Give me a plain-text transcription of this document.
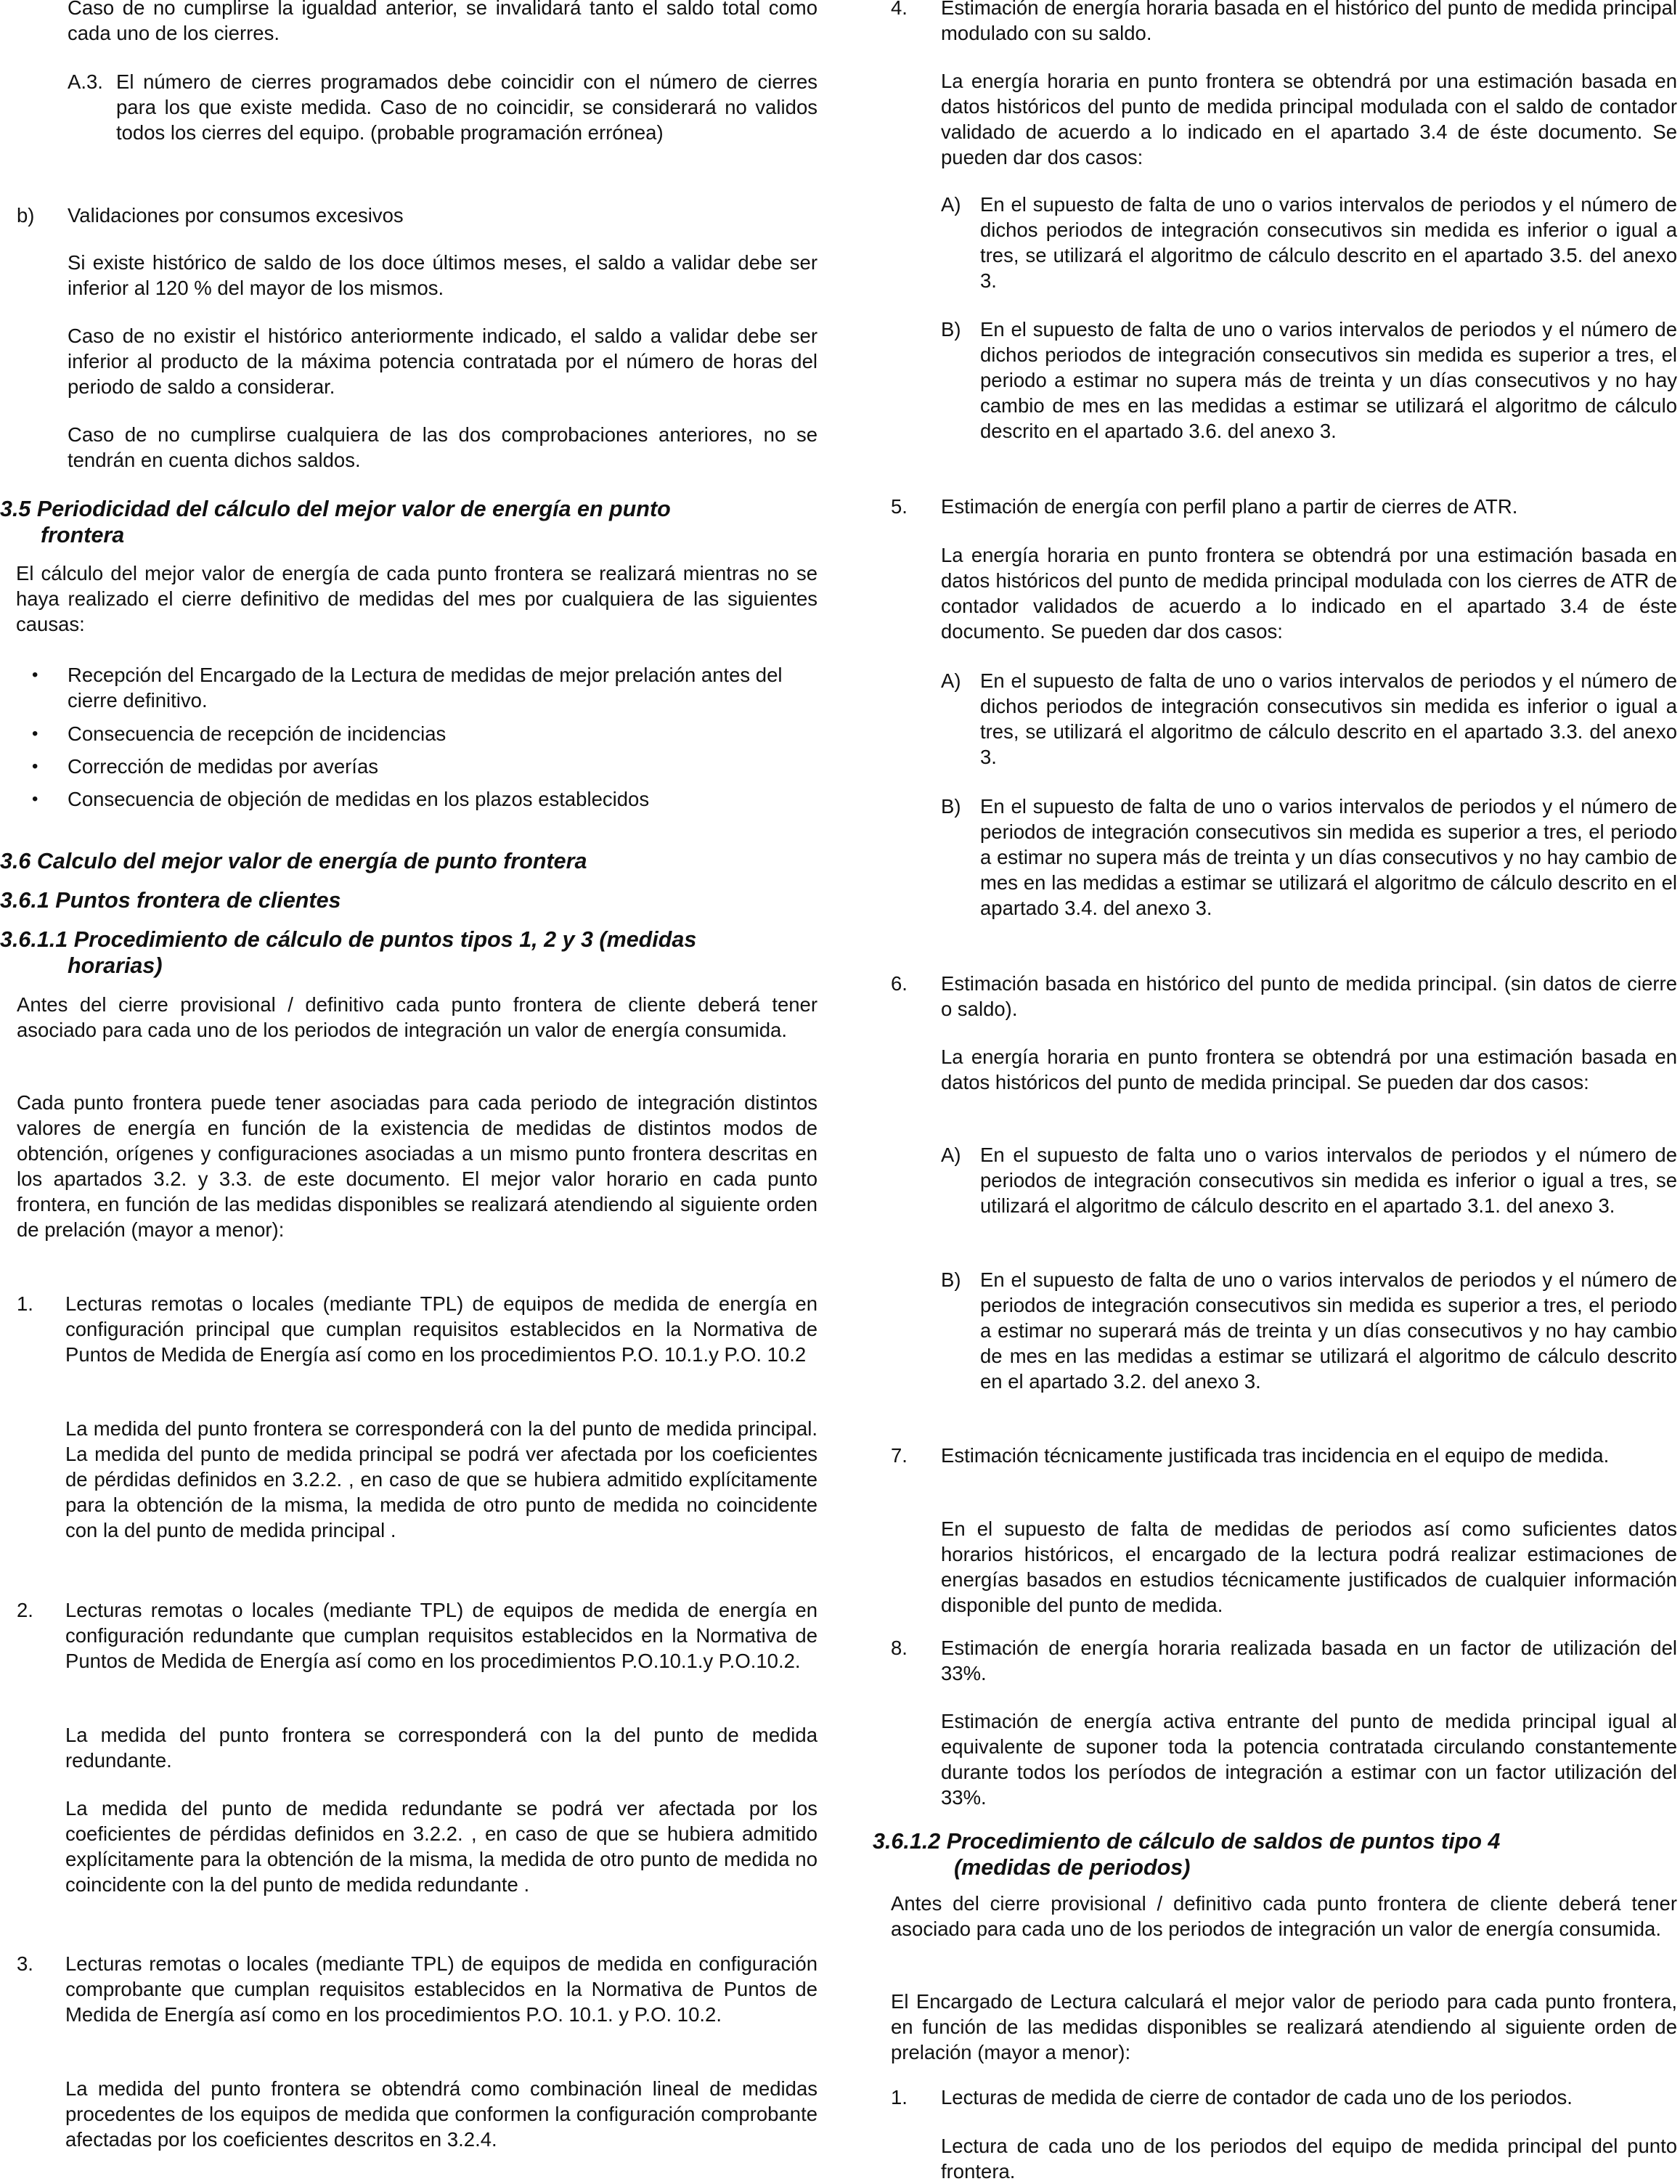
Caso de no cumplirse la igualdad anterior, se invalidará tanto el saldo total como cada uno de los cierres.

A.3. El número de cierres programados debe coincidir con el número de cierres para los que existe medida. Caso de no coincidir, se considerará no validos todos los cierres del equipo. (probable programación errónea)

b) Validaciones por consumos excesivos

Si existe histórico de saldo de los doce últimos meses, el saldo a validar debe ser inferior al 120 % del mayor de los mismos.

Caso de no existir el histórico anteriormente indicado, el saldo a validar debe ser inferior al producto de la máxima potencia contratada por el número de horas del periodo de saldo a considerar.

Caso de no cumplirse cualquiera de las dos comprobaciones anteriores, no se tendrán en cuenta dichos saldos.

3.5 Periodicidad del cálculo del mejor valor de energía en punto
frontera

El cálculo del mejor valor de energía de cada punto frontera se realizará mientras no se haya realizado el cierre definitivo de medidas del mes por cualquiera de las siguientes causas:

• Recepción del Encargado de la Lectura de medidas de mejor prelación antes del cierre definitivo.

• Consecuencia de recepción de incidencias

• Corrección de medidas por averías

• Consecuencia de objeción de medidas en los plazos establecidos

3.6 Calculo del mejor valor de energía de punto frontera
3.6.1 Puntos frontera de clientes
3.6.1.1 Procedimiento de cálculo de puntos tipos 1, 2 y 3 (medidas
horarias)

Antes del cierre provisional / definitivo cada punto frontera de cliente deberá tener asociado para cada uno de los periodos de integración un valor de energía consumida.

Cada punto frontera puede tener asociadas para cada periodo de integración distintos valores de energía en función de la existencia de medidas de distintos modos de obtención, orígenes y configuraciones asociadas a un mismo punto frontera descritas en los apartados 3.2. y 3.3. de este documento. El mejor valor horario en cada punto frontera, en función de las medidas disponibles se realizará atendiendo al siguiente orden de prelación (mayor a menor):

1. Lecturas remotas o locales (mediante TPL) de equipos de medida de energía en configuración principal que cumplan requisitos establecidos en la Normativa de Puntos de Medida de Energía así como en los procedimientos P.O. 10.1.y P.O. 10.2

La medida del punto frontera se corresponderá con la del punto de medida principal. La medida del punto de medida principal se podrá ver afectada por los coeficientes de pérdidas definidos en 3.2.2. , en caso de que se hubiera admitido explícitamente para la obtención de la misma, la medida de otro punto de medida no coincidente con la del punto de medida principal .

2. Lecturas remotas o locales (mediante TPL) de equipos de medida de energía en configuración redundante que cumplan requisitos establecidos en la Normativa de Puntos de Medida de Energía así como en los procedimientos P.O.10.1.y P.O.10.2.

La medida del punto frontera se corresponderá con la del punto de medida redundante.

La medida del punto de medida redundante se podrá ver afectada por los coeficientes de pérdidas definidos en 3.2.2. , en caso de que se hubiera admitido explícitamente para la obtención de la misma, la medida de otro punto de medida no coincidente con la del punto de medida redundante .

3. Lecturas remotas o locales (mediante TPL) de equipos de medida en configuración comprobante que cumplan requisitos establecidos en la Normativa de Puntos de Medida de Energía así como en los procedimientos P.O. 10.1. y P.O. 10.2.

La medida del punto frontera se obtendrá como combinación lineal de medidas procedentes de los equipos de medida que conformen la configuración comprobante afectadas por los coeficientes descritos en 3.2.4.

4. Estimación de energía horaria basada en el histórico del punto de medida principal modulado con su saldo.

La energía horaria en punto frontera se obtendrá por una estimación basada en datos históricos del punto de medida principal modulada con el saldo de contador validado de acuerdo a lo indicado en el apartado 3.4 de éste documento. Se pueden dar dos casos:

A) En el supuesto de falta de uno o varios intervalos de periodos y el número de dichos periodos de integración consecutivos sin medida es inferior o igual a tres, se utilizará el algoritmo de cálculo descrito en el apartado 3.5. del anexo 3.

B) En el supuesto de falta de uno o varios intervalos de periodos y el número de dichos periodos de integración consecutivos sin medida es superior a tres, el periodo a estimar no supera más de treinta y un días consecutivos y no hay cambio de mes en las medidas a estimar se utilizará el algoritmo de cálculo descrito en el apartado 3.6. del anexo 3.

5. Estimación de energía con perfil plano a partir de cierres de ATR.

La energía horaria en punto frontera se obtendrá por una estimación basada en datos históricos del punto de medida principal modulada con los cierres de ATR de contador validados de acuerdo a lo indicado en el apartado 3.4 de éste documento. Se pueden dar dos casos:

A) En el supuesto de falta de uno o varios intervalos de periodos y el número de dichos periodos de integración consecutivos sin medida es inferior o igual a tres, se utilizará el algoritmo de cálculo descrito en el apartado 3.3. del anexo 3.

B) En el supuesto de falta de uno o varios intervalos de periodos y el número de periodos de integración consecutivos sin medida es superior a tres, el periodo a estimar no supera más de treinta y un días consecutivos y no hay cambio de mes en las medidas a estimar se utilizará el algoritmo de cálculo descrito en el apartado 3.4. del anexo 3.

6. Estimación basada en histórico del punto de medida principal. (sin datos de cierre o saldo).

La energía horaria en punto frontera se obtendrá por una estimación basada en datos históricos del punto de medida principal. Se pueden dar dos casos:

A) En el supuesto de falta uno o varios intervalos de periodos y el número de periodos de integración consecutivos sin medida es inferior o igual a tres, se utilizará el algoritmo de cálculo descrito en el apartado 3.1. del anexo 3.

B) En el supuesto de falta de uno o varios intervalos de periodos y el número de periodos de integración consecutivos sin medida es superior a tres, el periodo a estimar no superará más de treinta y un días consecutivos y no hay cambio de mes en las medidas a estimar se utilizará el algoritmo de cálculo descrito en el apartado 3.2. del anexo 3.

7. Estimación técnicamente justificada tras incidencia en el equipo de medida.

En el supuesto de falta de medidas de periodos así como suficientes datos horarios históricos, el encargado de la lectura podrá realizar estimaciones de energías basados en estudios técnicamente justificados de cualquier información disponible del punto de medida.

8. Estimación de energía horaria realizada basada en un factor de utilización del 33%.

Estimación de energía activa entrante del punto de medida principal igual al equivalente de suponer toda la potencia contratada circulando constantemente durante todos los períodos de integración a estimar con un factor utilización del 33%.

3.6.1.2 Procedimiento de cálculo de saldos de puntos tipo 4
(medidas de periodos)

Antes del cierre provisional / definitivo cada punto frontera de cliente deberá tener asociado para cada uno de los periodos de integración un valor de energía consumida.

El Encargado de Lectura calculará el mejor valor de periodo para cada punto frontera, en función de las medidas disponibles se realizará atendiendo al siguiente orden de prelación (mayor a menor):

1. Lecturas de medida de cierre de contador de cada uno de los periodos.

Lectura de cada uno de los periodos del equipo de medida principal del punto frontera.
